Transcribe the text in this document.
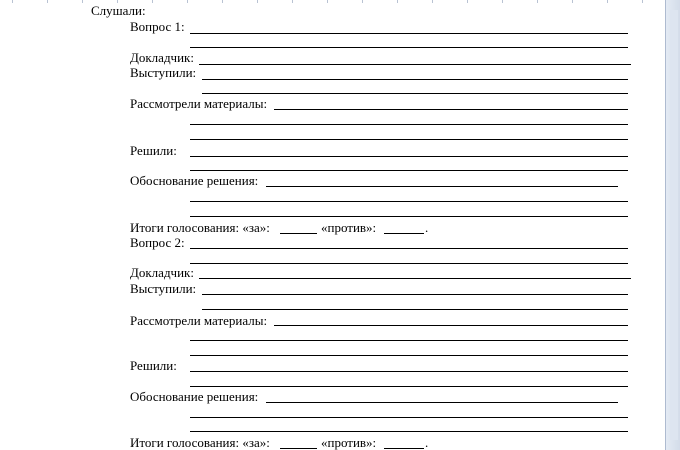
Слушали:
Вопрос 1:
Докладчик:
Выступили:
Рассмотрели материалы:
Решили:
Обоснование решения:
Итоги голосования: «за»:	«против»:	.
Вопрос 2:
Докладчик:
Выступили:
Рассмотрели материалы:
Решили:
Обоснование решения:
Итоги голосования: «за»:	«против»:	.
